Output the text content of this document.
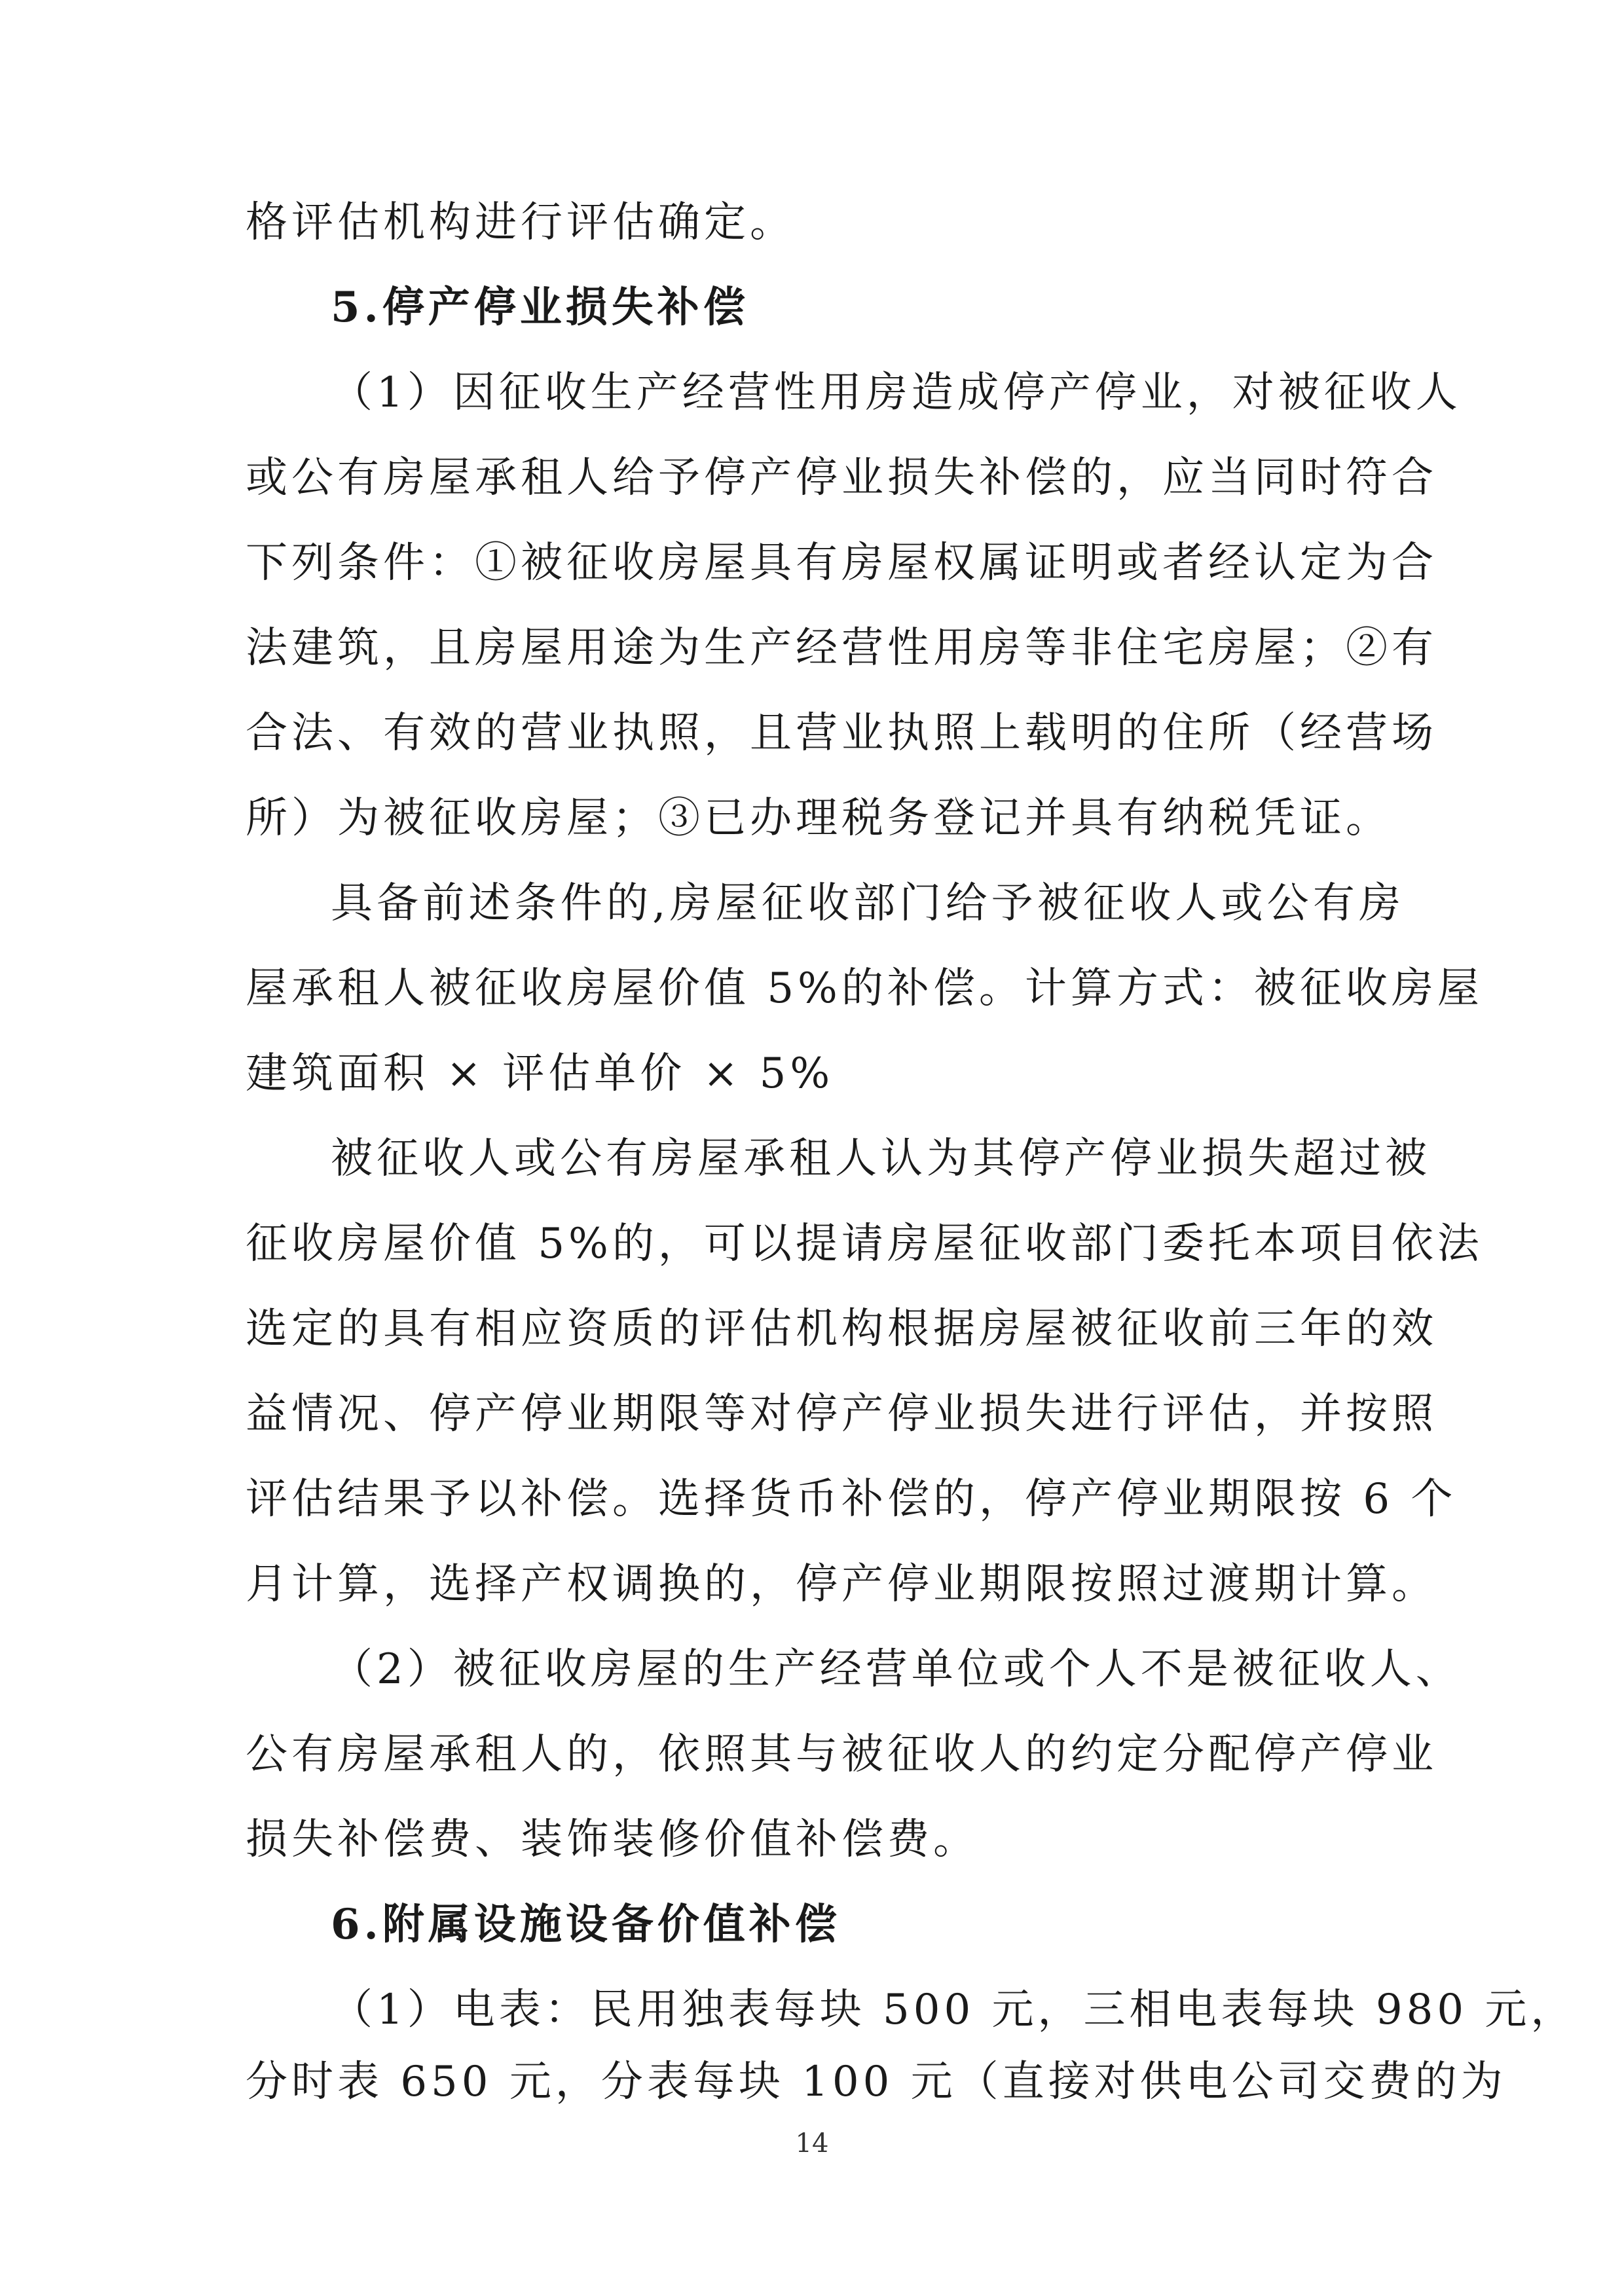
格评估机构进行评估确定。
5.停产停业损失补偿
（1）因征收生产经营性用房造成停产停业，对被征收人
或公有房屋承租人给予停产停业损失补偿的，应当同时符合
下列条件：①被征收房屋具有房屋权属证明或者经认定为合
法建筑，且房屋用途为生产经营性用房等非住宅房屋；②有
合法、有效的营业执照，且营业执照上载明的住所（经营场
所）为被征收房屋；③已办理税务登记并具有纳税凭证。
具备前述条件的,房屋征收部门给予被征收人或公有房
屋承租人被征收房屋价值 5%的补偿。计算方式：被征收房屋
建筑面积 × 评估单价 × 5%
被征收人或公有房屋承租人认为其停产停业损失超过被
征收房屋价值 5%的，可以提请房屋征收部门委托本项目依法
选定的具有相应资质的评估机构根据房屋被征收前三年的效
益情况、停产停业期限等对停产停业损失进行评估，并按照
评估结果予以补偿。选择货币补偿的，停产停业期限按 6 个
月计算，选择产权调换的，停产停业期限按照过渡期计算。
（2）被征收房屋的生产经营单位或个人不是被征收人、
公有房屋承租人的，依照其与被征收人的约定分配停产停业
损失补偿费、装饰装修价值补偿费。
6.附属设施设备价值补偿
（1）电表：民用独表每块 500 元，三相电表每块 980 元，
分时表 650 元，分表每块 100 元（直接对供电公司交费的为
14
